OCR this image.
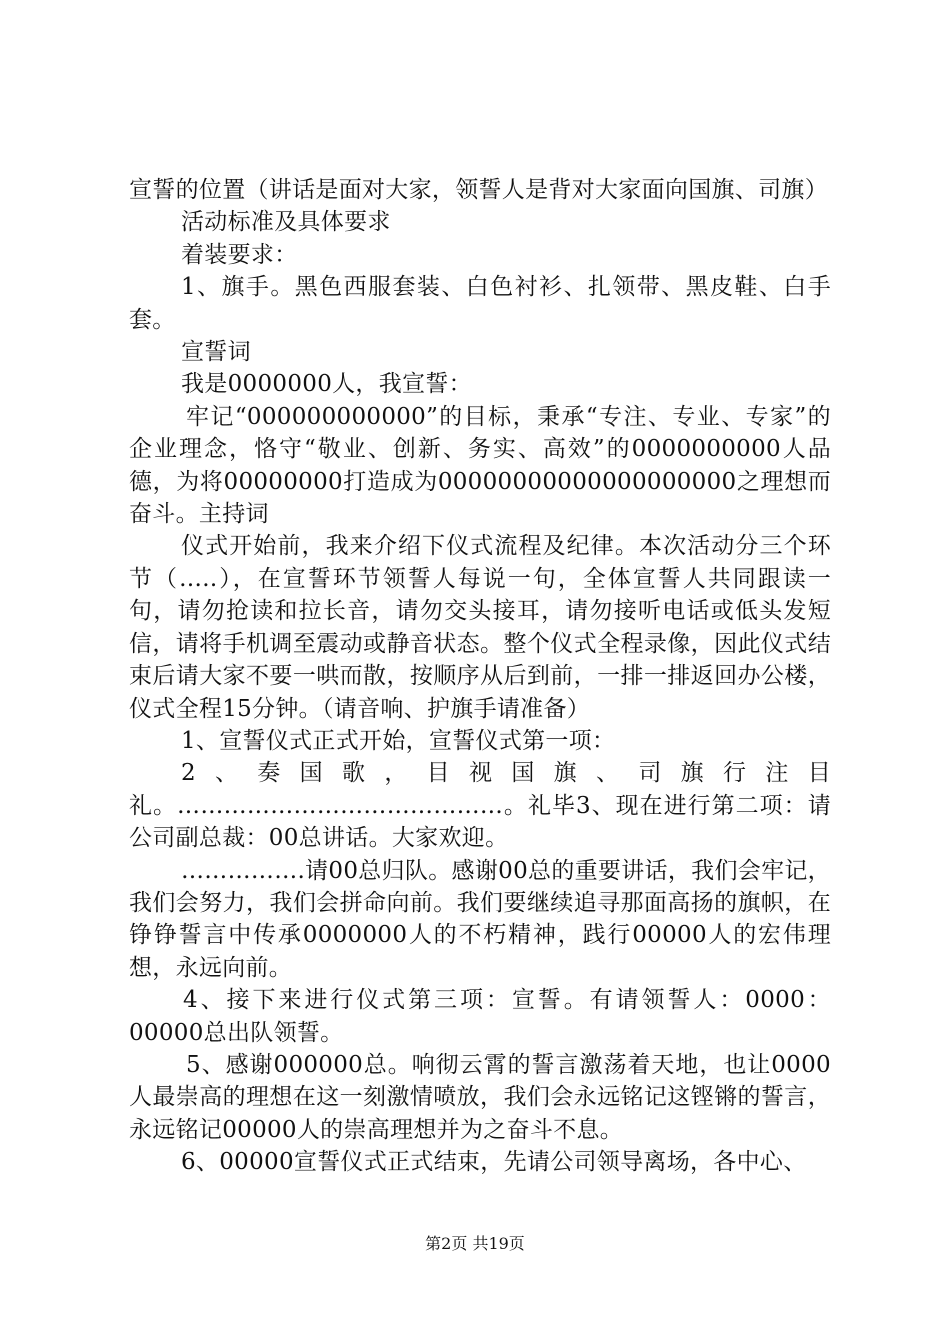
宣誓的位置（讲话是面对大家，领誓人是背对大家面向国旗、司旗）

活动标准及具体要求

着装要求：

1、旗手。黑色西服套装、白色衬衫、扎领带、黑皮鞋、白手套。

宣誓词

我是0000000人，我宣誓：

牢记“000000000000”的目标，秉承“专注、专业、专家”的企业理念，恪守“敬业、创新、务实、高效”的0000000000人品德，为将00000000打造成为00000000000000000000之理想而奋斗。主持词

仪式开始前，我来介绍下仪式流程及纪律。本次活动分三个环节（…..），在宣誓环节领誓人每说一句，全体宣誓人共同跟读一句，请勿抢读和拉长音，请勿交头接耳，请勿接听电话或低头发短信，请将手机调至震动或静音状态。整个仪式全程录像，因此仪式结束后请大家不要一哄而散，按顺序从后到前，一排一排返回办公楼，仪式全程15分钟。（请音响、护旗手请准备）

1、宣誓仪式正式开始，宣誓仪式第一项：

2、奏国歌，目视国旗、司旗行注目礼。……………………………………。礼毕3、现在进行第二项：请公司副总裁：00总讲话。大家欢迎。

…………….请00总归队。感谢00总的重要讲话，我们会牢记，我们会努力，我们会拼命向前。我们要继续追寻那面高扬的旗帜，在铮铮誓言中传承0000000人的不朽精神，践行00000人的宏伟理想，永远向前。

4、接下来进行仪式第三项：宣誓。有请领誓人：0000：00000总出队领誓。

5、感谢000000总。响彻云霄的誓言激荡着天地，也让0000人最崇高的理想在这一刻激情喷放，我们会永远铭记这铿锵的誓言，永远铭记00000人的崇高理想并为之奋斗不息。

6、00000宣誓仪式正式结束，先请公司领导离场，各中心、

第2页 共19页
